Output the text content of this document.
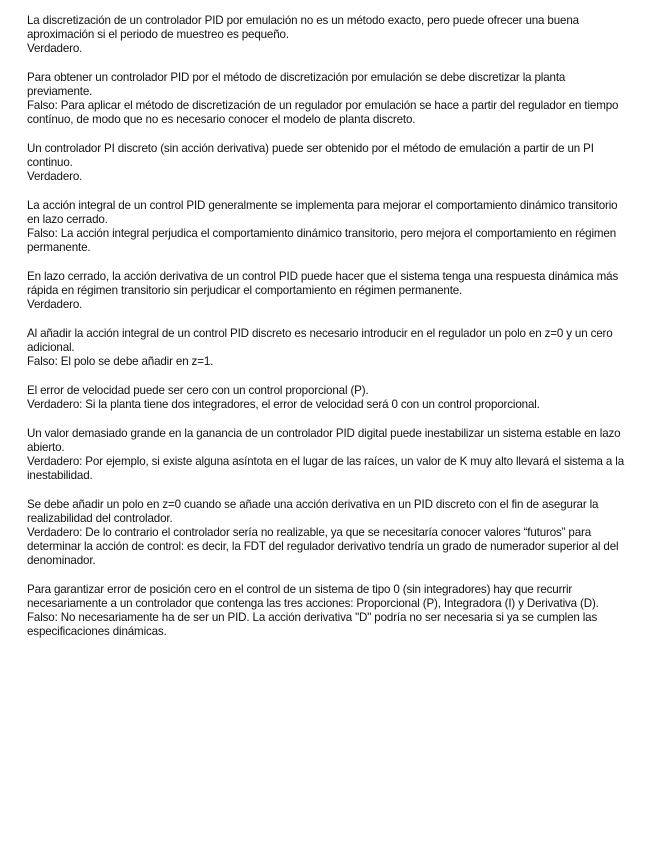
La discretización de un controlador PID por emulación no es un método exacto, pero puede ofrecer una buena aproximación si el periodo de muestreo es pequeño.

Verdadero.

Para obtener un controlador PID por el método de discretización por emulación se debe discretizar la planta previamente.

Falso: Para aplicar el método de discretización de un regulador por emulación se hace a partir del regulador en tiempo contínuo, de modo que no es necesario conocer el modelo de planta discreto.

Un controlador PI discreto (sin acción derivativa) puede ser obtenido por el método de emulación a partir de un PI continuo.

Verdadero.

La acción integral de un control PID generalmente se implementa para mejorar el comportamiento dinámico transitorio en lazo cerrado.

Falso: La acción integral perjudica el comportamiento dinámico transitorio, pero mejora el comportamiento en régimen permanente.

En lazo cerrado, la acción derivativa de un control PID puede hacer que el sistema tenga una respuesta dinámica más rápida en régimen transitorio sin perjudicar el comportamiento en régimen permanente.

Verdadero.

Al añadir la acción integral de un control PID discreto es necesario introducir en el regulador un polo en z=0 y un cero adicional.

Falso: El polo se debe añadir en z=1.

El error de velocidad puede ser cero con un control proporcional (P).

Verdadero: Si la planta tiene dos integradores, el error de velocidad será 0 con un control proporcional.

Un valor demasiado grande en la ganancia de un controlador PID digital puede inestabilizar un sistema estable en lazo abierto.

Verdadero: Por ejemplo, si existe alguna asíntota en el lugar de las raíces, un valor de K muy alto llevará el sistema a la inestabilidad.

Se debe añadir un polo en z=0 cuando se añade una acción derivativa en un PID discreto con el fin de asegurar la realizabilidad del controlador.

Verdadero: De lo contrario el controlador sería no realizable, ya que se necesitaría conocer valores “futuros” para determinar la acción de control: es decir, la FDT del regulador derivativo tendría un grado de numerador superior al del denominador.

Para garantizar error de posición cero en el control de un sistema de tipo 0 (sin integradores) hay que recurrir necesariamente a un controlador que contenga las tres acciones: Proporcional (P), Integradora (I) y Derivativa (D).

Falso: No necesariamente ha de ser un PID. La acción derivativa "D" podría no ser necesaria si ya se cumplen las especificaciones dinámicas.
